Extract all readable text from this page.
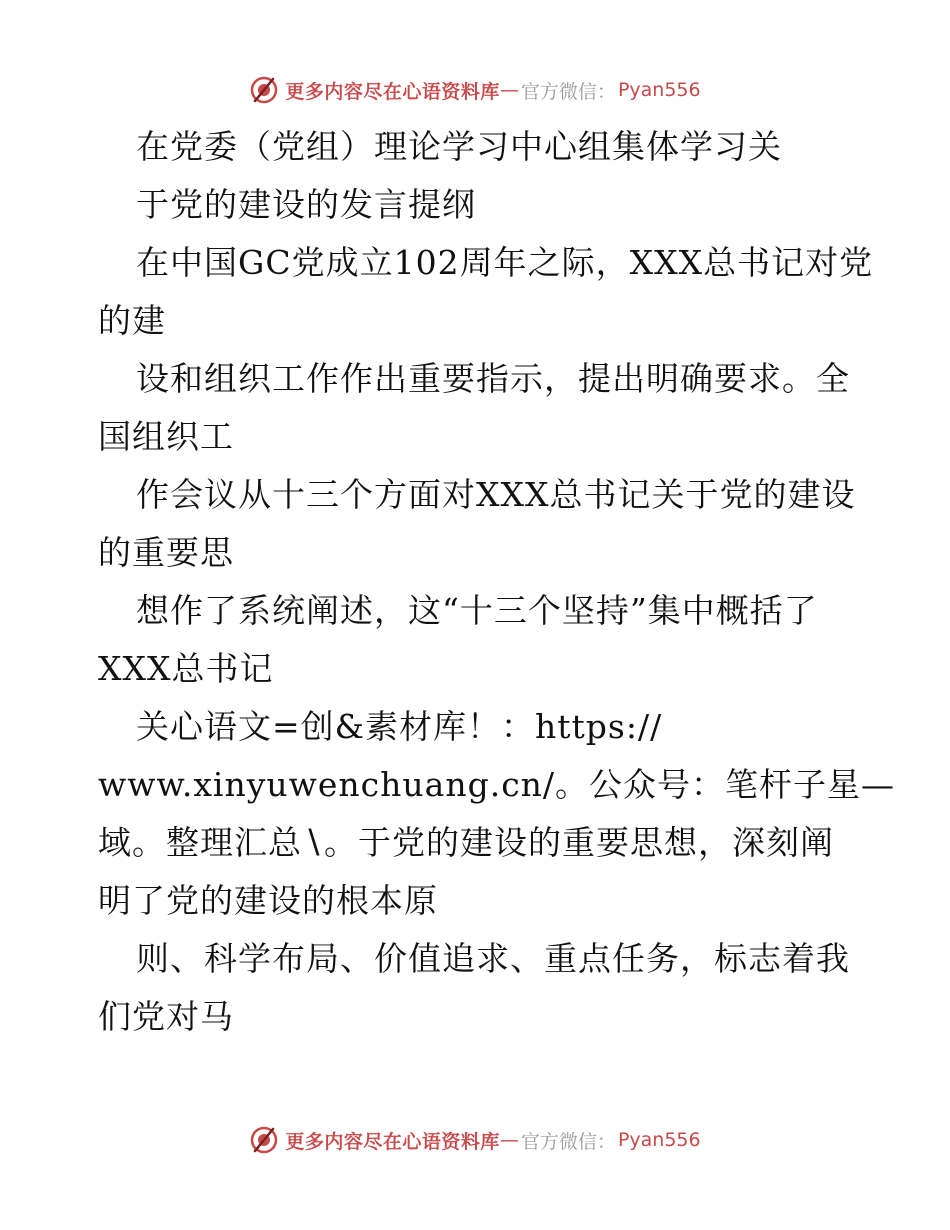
更多内容尽在心语资料库 — 官方微信： Pyan556
在党委（党组）理论学习中心组集体学习关
于党的建设的发言提纲
在中国GC党成立102周年之际，XXX总书记对党
的建
设和组织工作作出重要指示，提出明确要求。全
国组织工
作会议从十三个方面对XXX总书记关于党的建设
的重要思
想作了系统阐述，这“十三个坚持”集中概括了
XXX总书记
关心语文=创&素材库！：https://
www.xinyuwenchuang.cn/。公众号：笔杆子星—
域。整理汇总∖。于党的建设的重要思想，深刻阐
明了党的建设的根本原
则、科学布局、价值追求、重点任务，标志着我
们党对马
更多内容尽在心语资料库 — 官方微信： Pyan556
